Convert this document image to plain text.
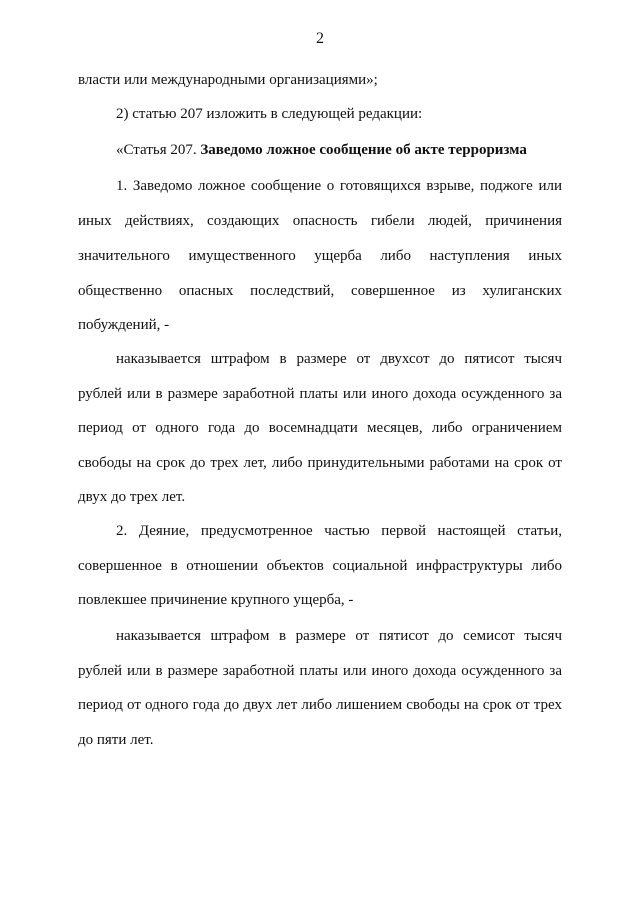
2
власти или международными организациями»;
2) статью 207 изложить в следующей редакции:
«Статья 207. Заведомо ложное сообщение об акте терроризма
1. Заведомо ложное сообщение о готовящихся взрыве, поджоге или
иных действиях, создающих опасность гибели людей, причинения
значительного имущественного ущерба либо наступления иных
общественно опасных последствий, совершенное из хулиганских
побуждений, -
наказывается штрафом в размере от двухсот до пятисот тысяч
рублей или в размере заработной платы или иного дохода осужденного за
период от одного года до восемнадцати месяцев, либо ограничением
свободы на срок до трех лет, либо принудительными работами на срок от
двух до трех лет.
2. Деяние, предусмотренное частью первой настоящей статьи,
совершенное в отношении объектов социальной инфраструктуры либо
повлекшее причинение крупного ущерба, -
наказывается штрафом в размере от пятисот до семисот тысяч
рублей или в размере заработной платы или иного дохода осужденного за
период от одного года до двух лет либо лишением свободы на срок от трех
до пяти лет.
